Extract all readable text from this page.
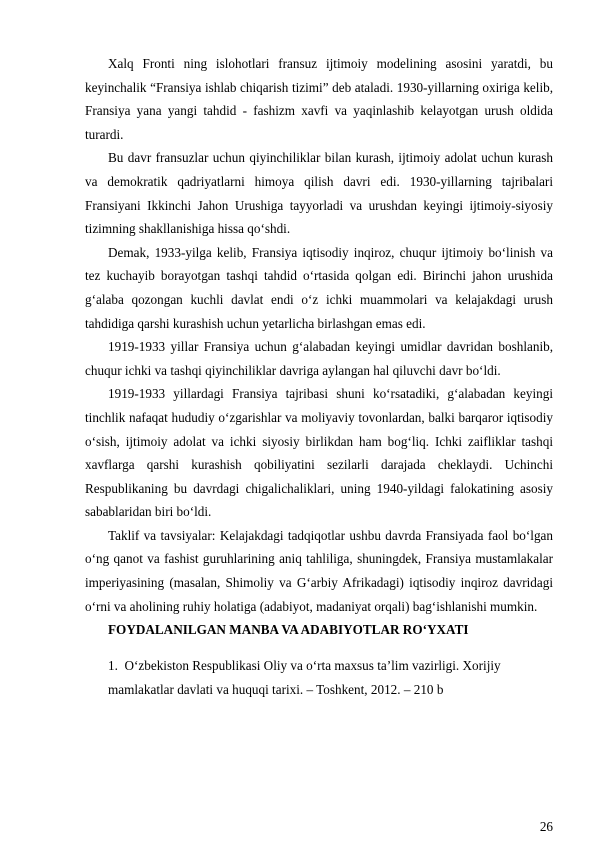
Xalq Fronti ning islohotlari fransuz ijtimoiy modelining asosini yaratdi, bu keyinchalik “Fransiya ishlab chiqarish tizimi” deb ataladi. 1930-yillarning oxiriga kelib, Fransiya yana yangi tahdid - fashizm xavfi va yaqinlashib kelayotgan urush oldida turardi.

Bu davr fransuzlar uchun qiyinchiliklar bilan kurash, ijtimoiy adolat uchun kurash va demokratik qadriyatlarni himoya qilish davri edi. 1930-yillarning tajribalari Fransiyani Ikkinchi Jahon Urushiga tayyorladi va urushdan keyingi ijtimoiy-siyosiy tizimning shakllanishiga hissa qo‘shdi.

Demak, 1933-yilga kelib, Fransiya iqtisodiy inqiroz, chuqur ijtimoiy bo‘linish va tez kuchayib borayotgan tashqi tahdid o‘rtasida qolgan edi. Birinchi jahon urushida g‘alaba qozongan kuchli davlat endi o‘z ichki muammolari va kelajakdagi urush tahdidiga qarshi kurashish uchun yetarlicha birlashgan emas edi.

1919-1933 yillar Fransiya uchun g‘alabadan keyingi umidlar davridan boshlanib, chuqur ichki va tashqi qiyinchiliklar davriga aylangan hal qiluvchi davr bo‘ldi.

1919-1933 yillardagi Fransiya tajribasi shuni ko‘rsatadiki, g‘alabadan keyingi tinchlik nafaqat hududiy o‘zgarishlar va moliyaviy tovonlardan, balki barqaror iqtisodiy o‘sish, ijtimoiy adolat va ichki siyosiy birlikdan ham bog‘liq. Ichki zaifliklar tashqi xavflarga qarshi kurashish qobiliyatini sezilarli darajada cheklaydi. Uchinchi Respublikaning bu davrdagi chigalichaliklari, uning 1940-yildagi falokatining asosiy sabablaridan biri bo‘ldi.

Taklif va tavsiyalar: Kelajakdagi tadqiqotlar ushbu davrda Fransiyada faol bo‘lgan o‘ng qanot va fashist guruhlarining aniq tahliliga, shuningdek, Fransiya mustamlakalar imperiyasining (masalan, Shimoliy va G‘arbiy Afrikadagi) iqtisodiy inqiroz davridagi o‘rni va aholining ruhiy holatiga (adabiyot, madaniyat orqali) bag‘ishlanishi mumkin.

FOYDALANILGAN MANBA VA ADABIYOTLAR RO‘YXATI

1. O‘zbekiston Respublikasi Oliy va o‘rta maxsus ta’lim vazirligi. Xorijiy
mamlakatlar davlati va huquqi tarixi. – Toshkent, 2012. – 210 b
26
